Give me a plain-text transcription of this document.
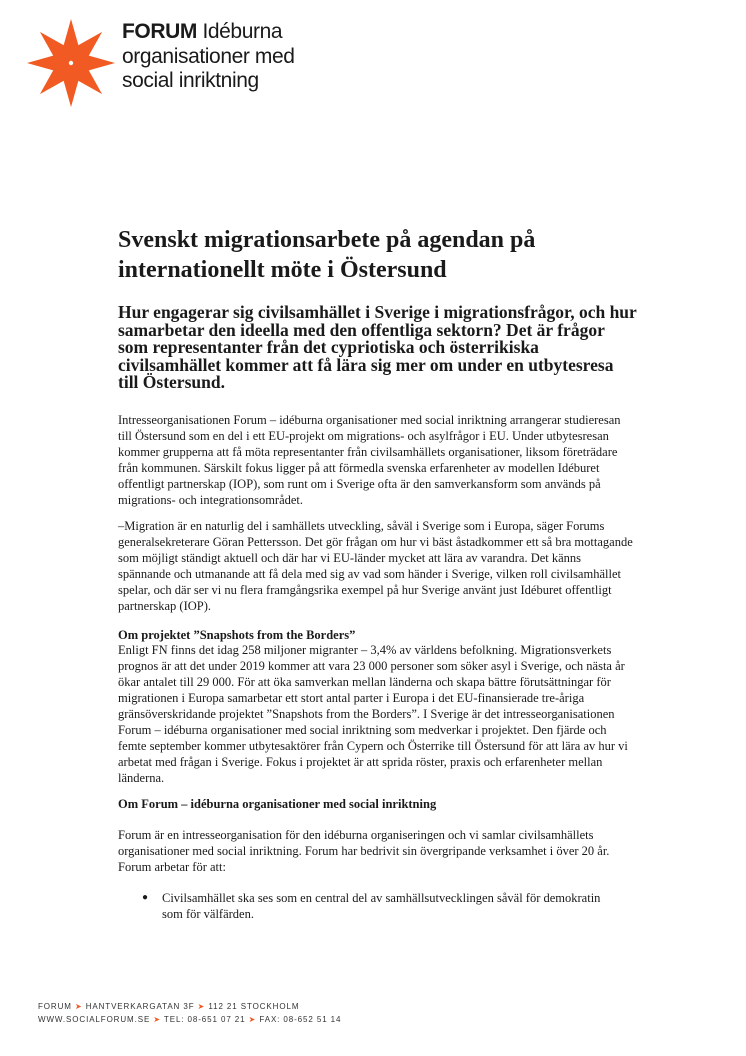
FORUM Idéburna
organisationer med
social inriktning
Svenskt migrationsarbete på agendan på internationellt möte i Östersund

Hur engagerar sig civilsamhället i Sverige i migrationsfrågor, och hur samarbetar den ideella med den offentliga sektorn? Det är frågor som representanter från det cypriotiska och österrikiska civilsamhället kommer att få lära sig mer om under en utbytesresa till Östersund.

Intresseorganisationen Forum – idéburna organisationer med social inriktning arrangerar studieresan till Östersund som en del i ett EU-projekt om migrations- och asylfrågor i EU. Under utbytesresan kommer grupperna att få möta representanter från civilsamhällets organisationer, liksom företrädare från kommunen. Särskilt fokus ligger på att förmedla svenska erfarenheter av modellen Idéburet offentligt partnerskap (IOP), som runt om i Sverige ofta är den samverkansform som används på migrations- och integrationsområdet.

–Migration är en naturlig del i samhällets utveckling, såväl i Sverige som i Europa, säger Forums generalsekreterare Göran Pettersson. Det gör frågan om hur vi bäst åstadkommer ett så bra mottagande som möjligt ständigt aktuell och där har vi EU-länder mycket att lära av varandra. Det känns spännande och utmanande att få dela med sig av vad som händer i Sverige, vilken roll civilsamhället spelar, och där ser vi nu flera framgångsrika exempel på hur Sverige använt just Idéburet offentligt partnerskap (IOP).

Om projektet ”Snapshots from the Borders”

Enligt FN finns det idag 258 miljoner migranter – 3,4% av världens befolkning. Migrationsverkets prognos är att det under 2019 kommer att vara 23 000 personer som söker asyl i Sverige, och nästa år ökar antalet till 29 000. För att öka samverkan mellan länderna och skapa bättre förutsättningar för migrationen i Europa samarbetar ett stort antal parter i Europa i det EU-finansierade tre-åriga gränsöverskridande projektet ”Snapshots from the Borders”. I Sverige är det intresseorganisationen Forum – idéburna organisationer med social inriktning som medverkar i projektet. Den fjärde och femte september kommer utbytesaktörer från Cypern och Österrike till Östersund för att lära av hur vi arbetat med frågan i Sverige. Fokus i projektet är att sprida röster, praxis och erfarenheter mellan länderna.

Om Forum – idéburna organisationer med social inriktning

Forum är en intresseorganisation för den idéburna organiseringen och vi samlar civilsamhällets organisationer med social inriktning. Forum har bedrivit sin övergripande verksamhet i över 20 år. Forum arbetar för att:

●	Civilsamhället ska ses som en central del av samhällsutvecklingen såväl för demokratin som för välfärden.
FORUM ➤ HANTVERKARGATAN 3F ➤ 112 21 STOCKHOLM
WWW.SOCIALFORUM.SE ➤ TEL: 08-651 07 21 ➤ FAX: 08-652 51 14
